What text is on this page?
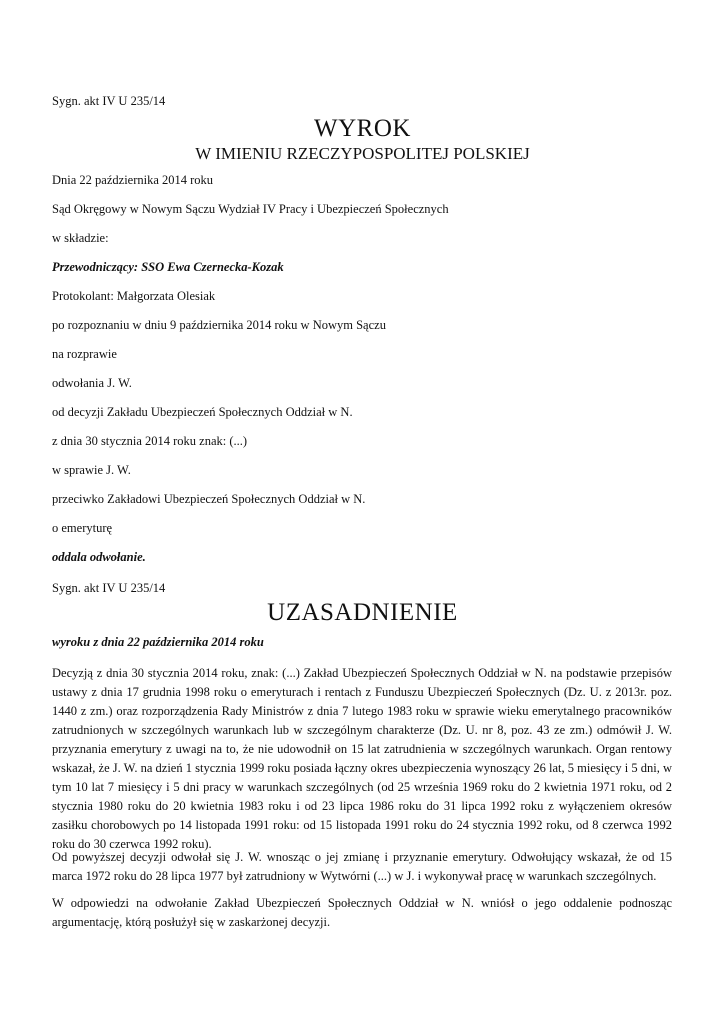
Sygn. akt IV U 235/14
WYROK
W IMIENIU RZECZYPOSPOLITEJ POLSKIEJ
Dnia 22 października 2014 roku
Sąd Okręgowy w Nowym Sączu Wydział IV Pracy i Ubezpieczeń Społecznych
w składzie:
Przewodniczący: SSO Ewa Czernecka-Kozak
Protokolant: Małgorzata Olesiak
po rozpoznaniu w dniu 9 października 2014 roku w Nowym Sączu
na rozprawie
odwołania J. W.
od decyzji Zakładu Ubezpieczeń Społecznych Oddział w N.
z dnia 30 stycznia 2014 roku znak: (...)
w sprawie J. W.
przeciwko Zakładowi Ubezpieczeń Społecznych Oddział w N.
o emeryturę
oddala odwołanie.
Sygn. akt IV U 235/14
UZASADNIENIE
wyroku z dnia 22 października 2014 roku

Decyzją z dnia 30 stycznia 2014 roku, znak: (...) Zakład Ubezpieczeń Społecznych Oddział w N. na podstawie przepisów ustawy z dnia 17 grudnia 1998 roku o emeryturach i rentach z Funduszu Ubezpieczeń Społecznych (Dz. U. z 2013r. poz. 1440 z zm.) oraz rozporządzenia Rady Ministrów z dnia 7 lutego 1983 roku w sprawie wieku emerytalnego pracowników zatrudnionych w szczególnych warunkach lub w szczególnym charakterze (Dz. U. nr 8, poz. 43 ze zm.) odmówił J. W. przyznania emerytury z uwagi na to, że nie udowodnił on 15 lat zatrudnienia w szczególnych warunkach. Organ rentowy wskazał, że J. W. na dzień 1 stycznia 1999 roku posiada łączny okres ubezpieczenia wynoszący 26 lat, 5 miesięcy i 5 dni, w tym 10 lat 7 miesięcy i 5 dni pracy w warunkach szczególnych (od 25 września 1969 roku do 2 kwietnia 1971 roku, od 2 stycznia 1980 roku do 20 kwietnia 1983 roku i od 23 lipca 1986 roku do 31 lipca 1992 roku z wyłączeniem okresów zasiłku chorobowych po 14 listopada 1991 roku: od 15 listopada 1991 roku do 24 stycznia 1992 roku, od 8 czerwca 1992 roku do 30 czerwca 1992 roku).

Od powyższej decyzji odwołał się J. W. wnosząc o jej zmianę i przyznanie emerytury. Odwołujący wskazał, że od 15 marca 1972 roku do 28 lipca 1977 był zatrudniony w Wytwórni (...) w J. i wykonywał pracę w warunkach szczególnych.

W odpowiedzi na odwołanie Zakład Ubezpieczeń Społecznych Oddział w N. wniósł o jego oddalenie podnosząc argumentację, którą posłużył się w zaskarżonej decyzji.
